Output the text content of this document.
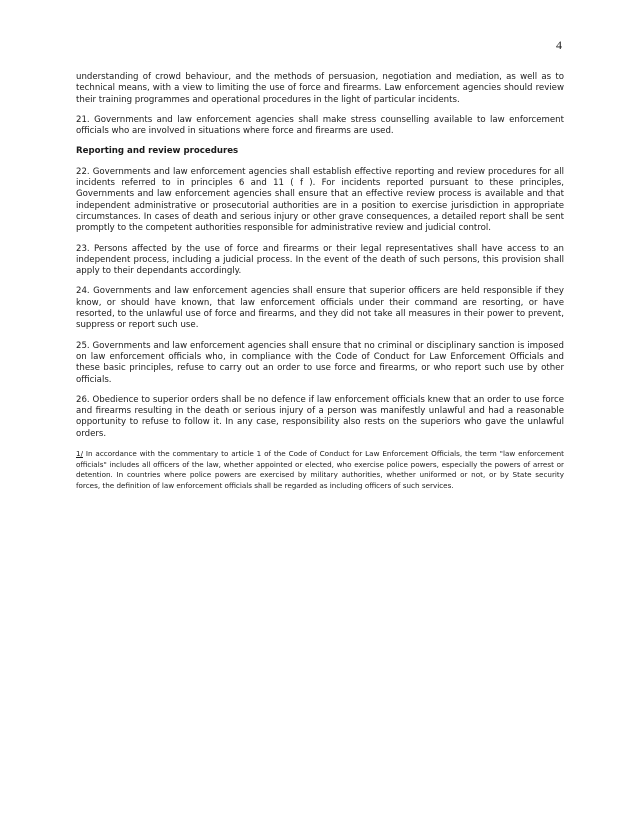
4

understanding of crowd behaviour, and the methods of persuasion, negotiation and mediation, as well as to technical means, with a view to limiting the use of force and firearms. Law enforcement agencies should review their training programmes and operational procedures in the light of particular incidents.

21. Governments and law enforcement agencies shall make stress counselling available to law enforcement officials who are involved in situations where force and firearms are used.

Reporting and review procedures

22. Governments and law enforcement agencies shall establish effective reporting and review procedures for all incidents referred to in principles 6 and 11 ( f ). For incidents reported pursuant to these principles, Governments and law enforcement agencies shall ensure that an effective review process is available and that independent administrative or prosecutorial authorities are in a position to exercise jurisdiction in appropriate circumstances. In cases of death and serious injury or other grave consequences, a detailed report shall be sent promptly to the competent authorities responsible for administrative review and judicial control.

23. Persons affected by the use of force and firearms or their legal representatives shall have access to an independent process, including a judicial process. In the event of the death of such persons, this provision shall apply to their dependants accordingly.

24. Governments and law enforcement agencies shall ensure that superior officers are held responsible if they know, or should have known, that law enforcement officials under their command are resorting, or have resorted, to the unlawful use of force and firearms, and they did not take all measures in their power to prevent, suppress or report such use.

25. Governments and law enforcement agencies shall ensure that no criminal or disciplinary sanction is imposed on law enforcement officials who, in compliance with the Code of Conduct for Law Enforcement Officials and these basic principles, refuse to carry out an order to use force and firearms, or who report such use by other officials.

26. Obedience to superior orders shall be no defence if law enforcement officials knew that an order to use force and firearms resulting in the death or serious injury of a person was manifestly unlawful and had a reasonable opportunity to refuse to follow it. In any case, responsibility also rests on the superiors who gave the unlawful orders.

1/ In accordance with the commentary to article 1 of the Code of Conduct for Law Enforcement Officials, the term "law enforcement officials" includes all officers of the law, whether appointed or elected, who exercise police powers, especially the powers of arrest or detention. In countries where police powers are exercised by military authorities, whether uniformed or not, or by State security forces, the definition of law enforcement officials shall be regarded as including officers of such services.
